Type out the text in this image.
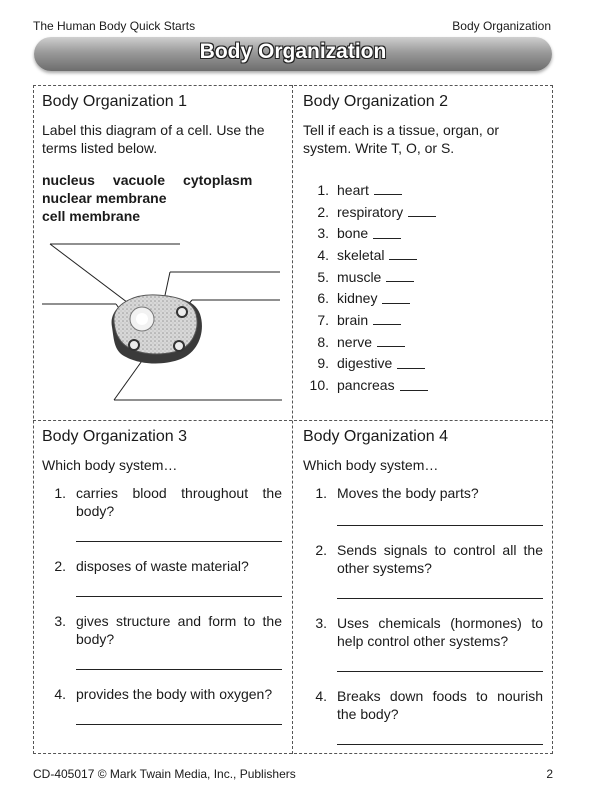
The Human Body Quick Starts	Body Organization
Body Organization
Body Organization 1

Label this diagram of a cell. Use the terms listed below.

nucleus vacuole cytoplasm
nuclear membrane
cell membrane
Body Organization 2

Tell if each is a tissue, organ, or system. Write T, O, or S.

1. heart
2. respiratory
3. bone
4. skeletal
5. muscle
6. kidney
7. brain
8. nerve
9. digestive
10. pancreas
Body Organization 3

Which body system…

1. carries blood throughout the body?
2. disposes of waste material?
3. gives structure and form to the body?
4. provides the body with oxygen?
Body Organization 4

Which body system…

1. Moves the body parts?
2. Sends signals to control all the other systems?
3. Uses chemicals (hormones) to help control other systems?
4. Breaks down foods to nourish the body?
CD-405017 © Mark Twain Media, Inc., Publishers	2
